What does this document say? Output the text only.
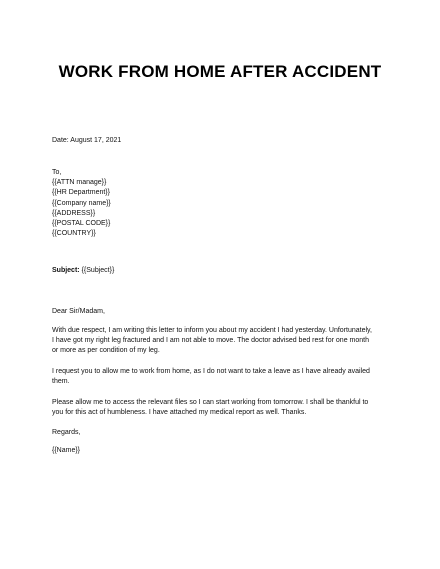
WORK FROM HOME AFTER ACCIDENT
Date: August 17, 2021
To,
{{ATTN manage}}
{{HR Department}}
{{Company name}}
{{ADDRESS}}
{{POSTAL CODE}}
{{COUNTRY}}
Subject: {{Subject}}
Dear Sir/Madam,
With due respect, I am writing this letter to inform you about my accident I had yesterday. Unfortunately,
I have got my right leg fractured and I am not able to move. The doctor advised bed rest for one month
or more as per condition of my leg.
I request you to allow me to work from home, as I do not want to take a leave as I have already availed
them.
Please allow me to access the relevant files so I can start working from tomorrow. I shall be thankful to
you for this act of humbleness. I have attached my medical report as well. Thanks.
Regards,
{{Name}}
